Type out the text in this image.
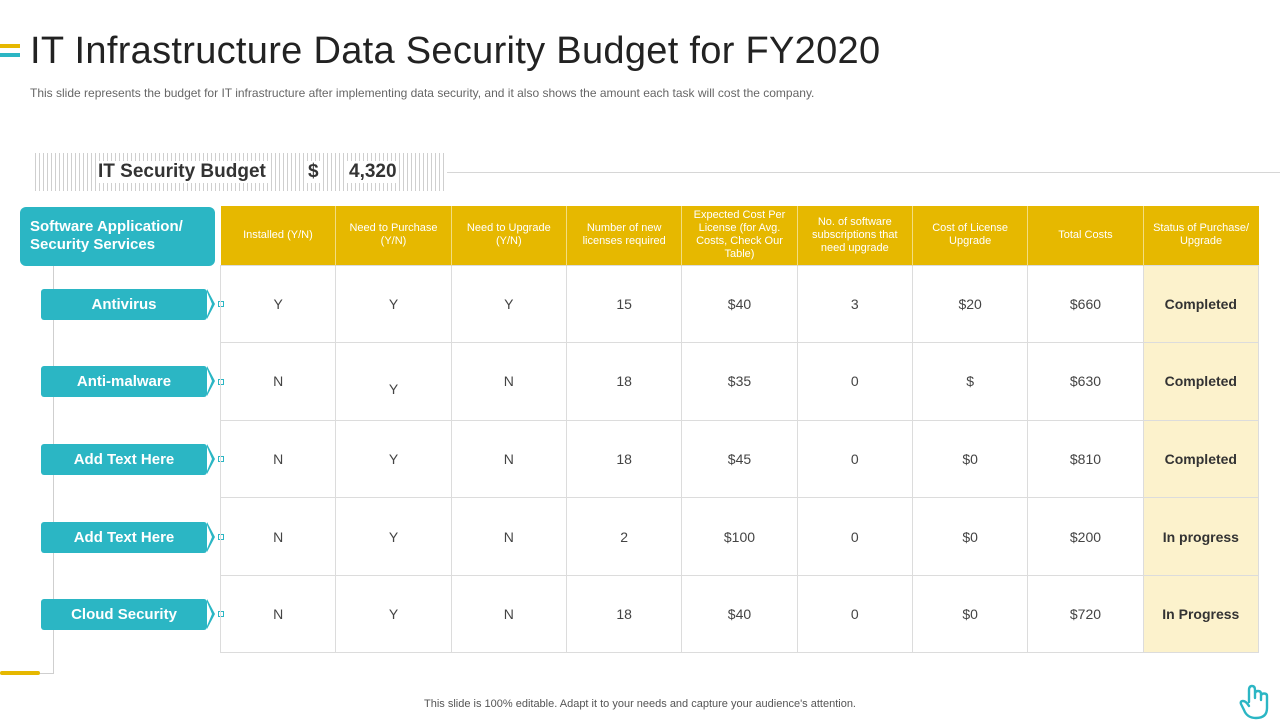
IT Infrastructure Data Security Budget for FY2020

This slide represents the budget for IT infrastructure after implementing data security, and it also shows the amount each task will cost the company.

IT Security Budget $ 4,320
Software Application/ Security Services
Antivirus
Anti-malware
Add Text Here
Add Text Here
Cloud Security
Installed (Y/N)	Need to Purchase (Y/N)	Need to Upgrade (Y/N)	Number of new licenses required	Expected Cost Per License (for Avg. Costs, Check Our Table)	No. of software subscriptions that need upgrade	Cost of License Upgrade	Total Costs	Status of Purchase/ Upgrade
Y	Y	Y	15	$40	3	$20	$660	Completed
N	Y	N	18	$35	0	$	$630	Completed
N	Y	N	18	$45	0	$0	$810	Completed
N	Y	N	2	$100	0	$0	$200	In progress
N	Y	N	18	$40	0	$0	$720	In Progress

This slide is 100% editable. Adapt it to your needs and capture your audience's attention.
